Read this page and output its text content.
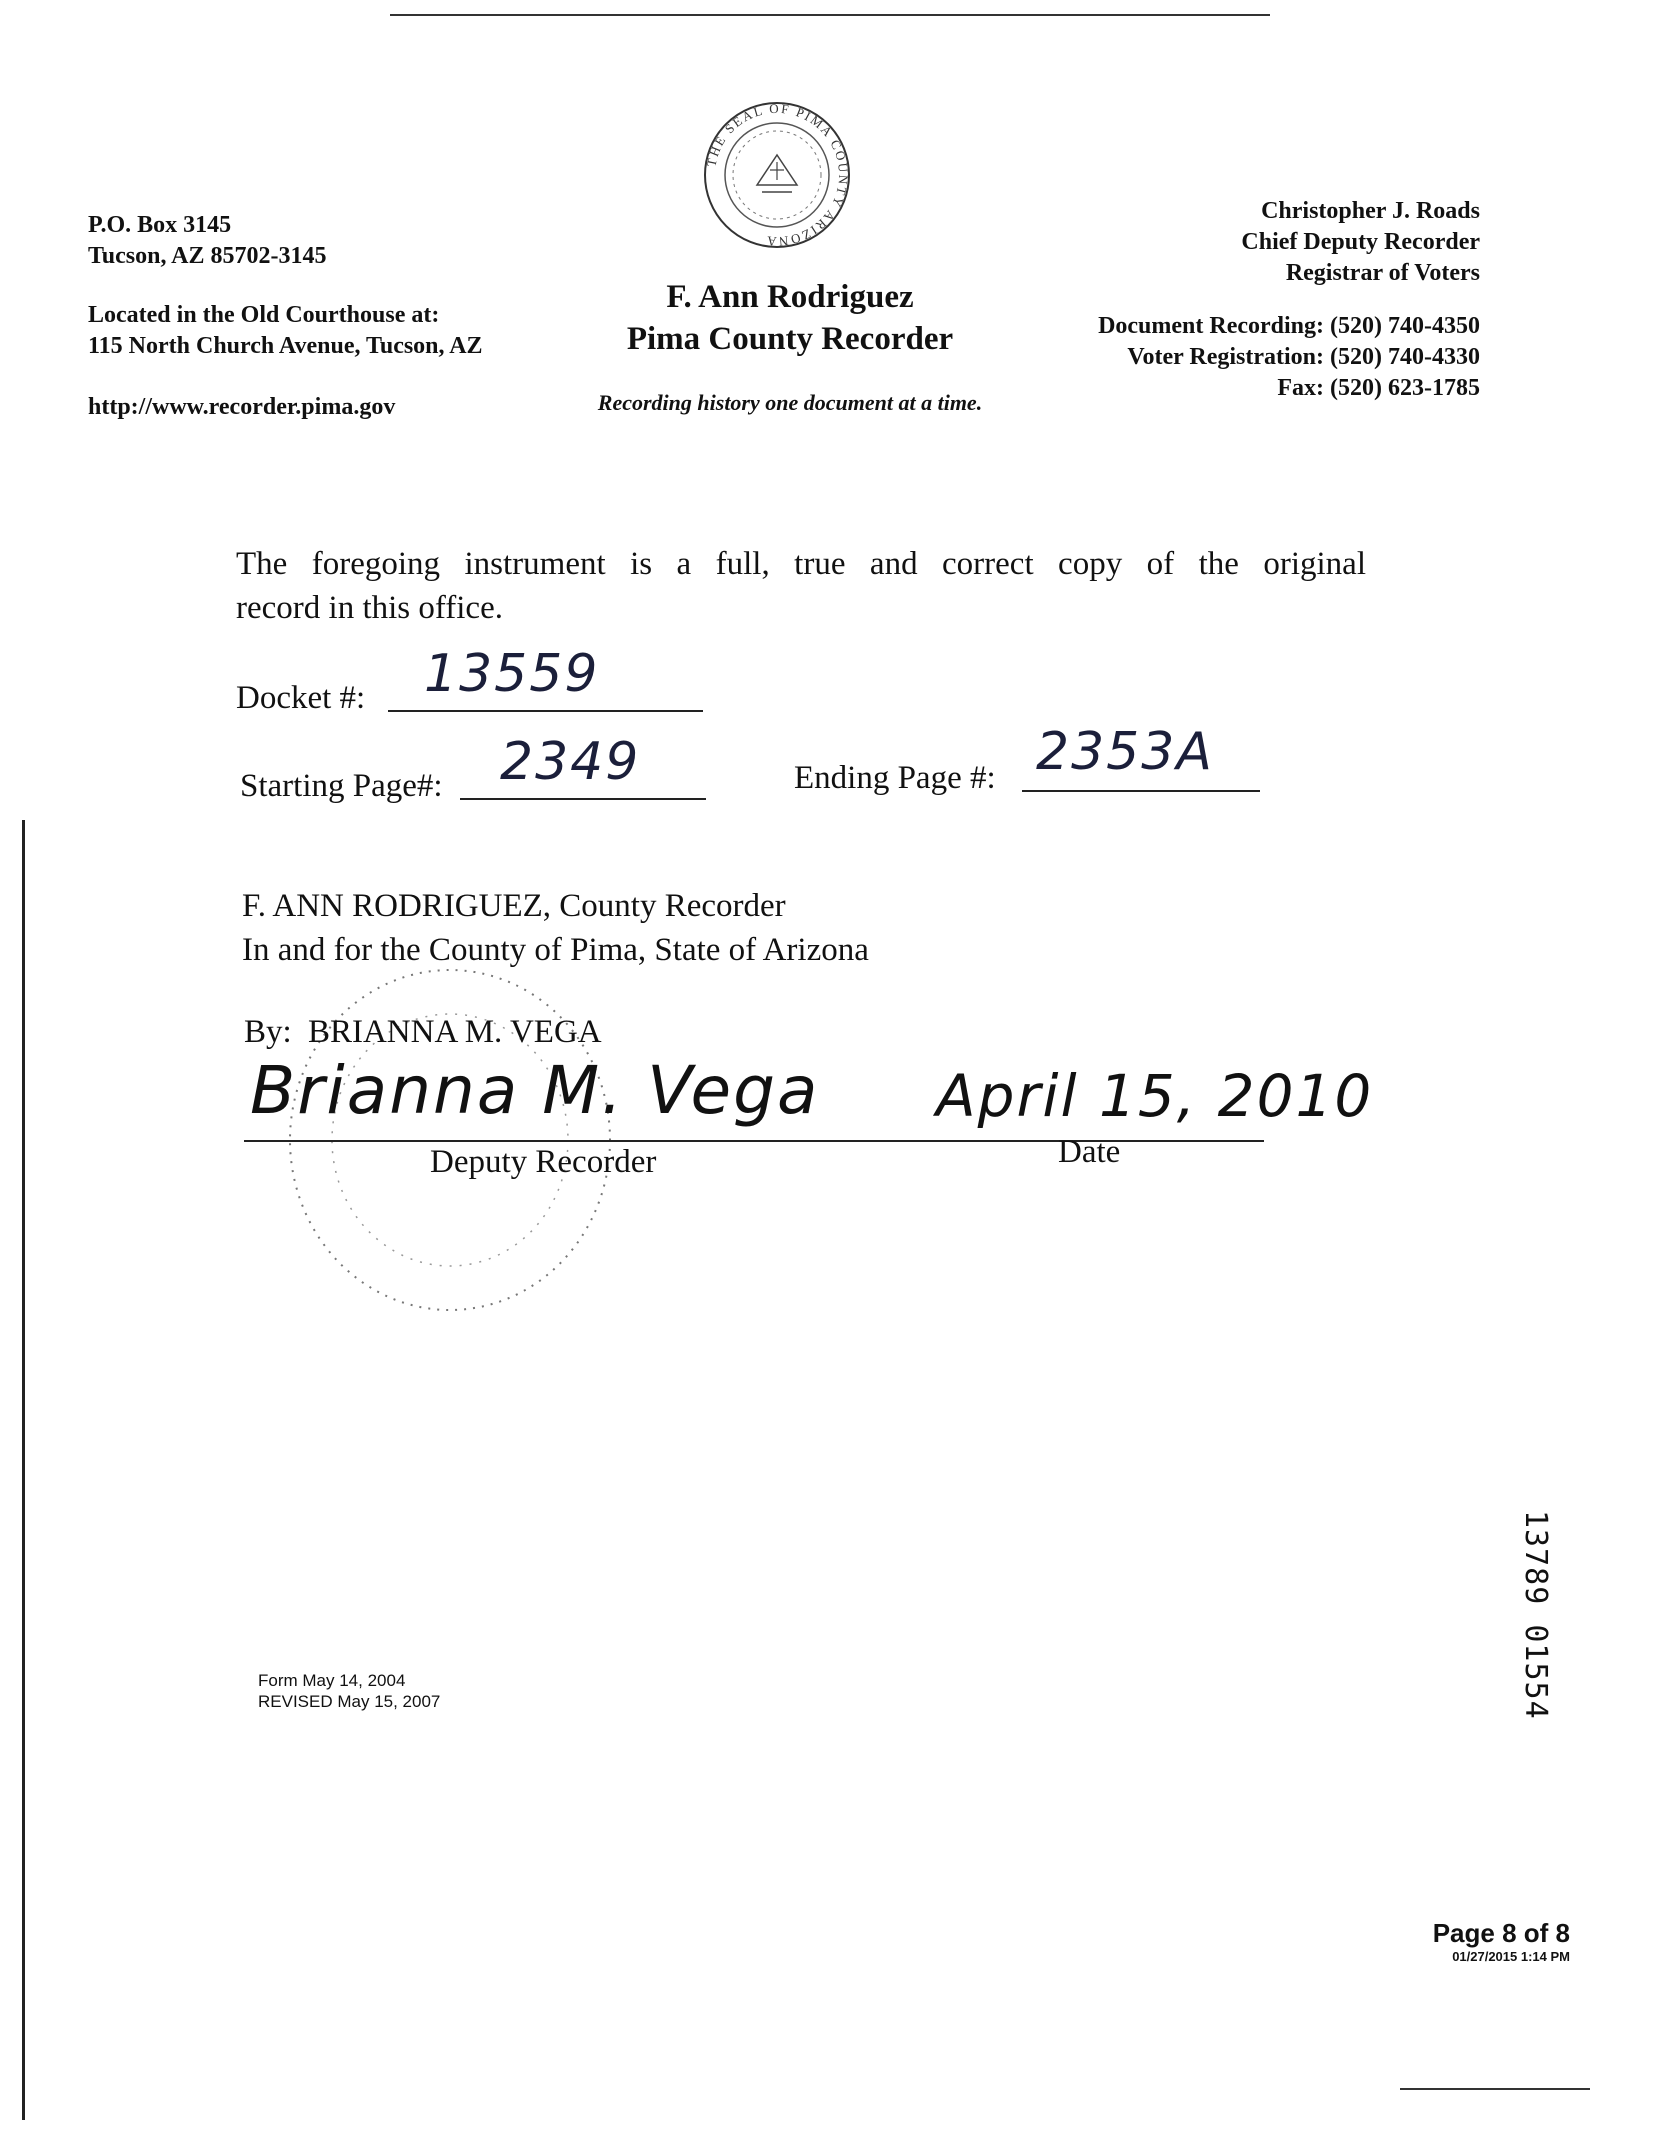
P.O. Box 3145
Tucson, AZ 85702-3145
Located in the Old Courthouse at:
115 North Church Avenue, Tucson, AZ
http://www.recorder.pima.gov
THE SEAL OF PIMA COUNTY ARIZONA
F. Ann Rodriguez
Pima County Recorder
Recording history one document at a time.
Christopher J. Roads
Chief Deputy Recorder
Registrar of Voters
Document Recording: (520) 740-4350
Voter Registration: (520) 740-4330
Fax: (520) 623-1785
The foregoing instrument is a full, true and correct copy of the original
record in this office.
Docket #: 13559
Starting Page#: 2349	Ending Page #: 2353A
F. ANN RODRIGUEZ, County Recorder
In and for the County of Pima, State of Arizona
By: BRIANNA M. VEGA
Brianna M. Vega April 15, 2010
Deputy Recorder	Date
Form May 14, 2004
REVISED May 15, 2007	13789 01554
Page 8 of 8
01/27/2015 1:14 PM
